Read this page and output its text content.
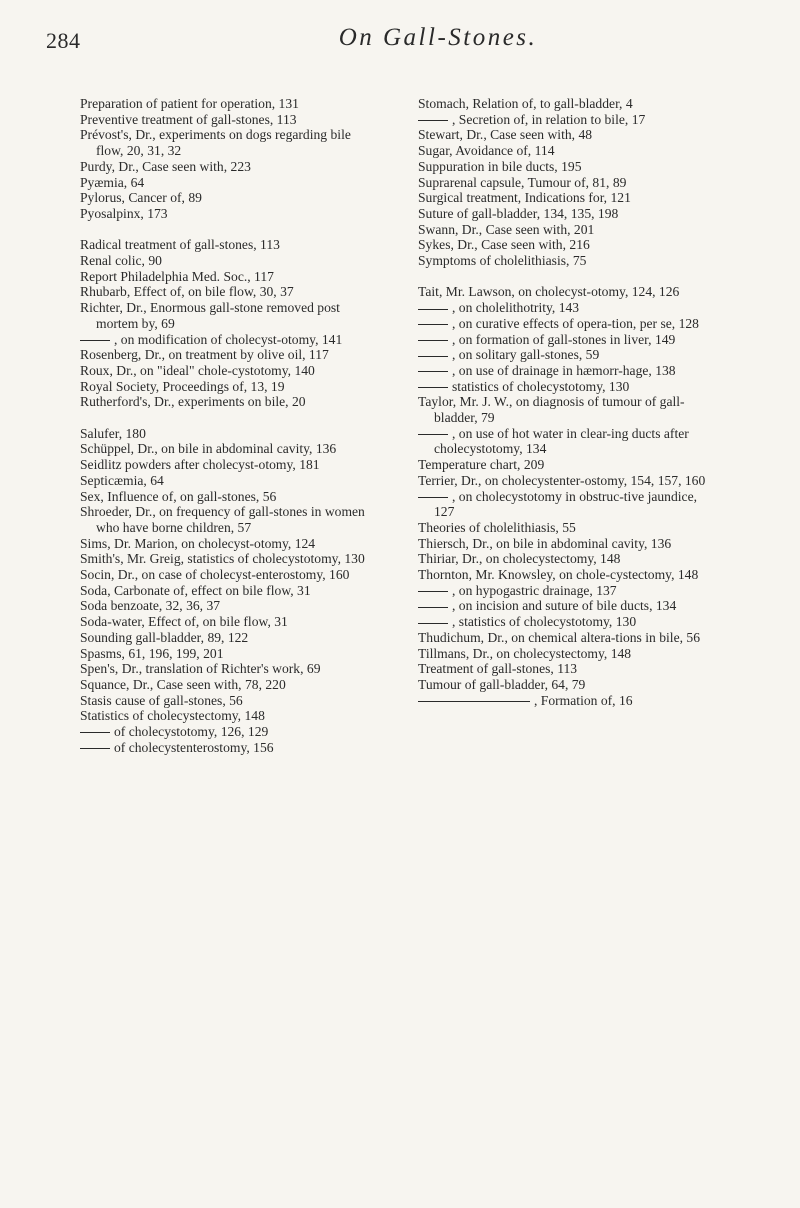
284	On Gall-Stones.

Preparation of patient for operation, 131

Preventive treatment of gall-stones, 113

Prévost's, Dr., experiments on dogs regarding bile flow, 20, 31, 32

Purdy, Dr., Case seen with, 223

Pyæmia, 64

Pylorus, Cancer of, 89

Pyosalpinx, 173

Radical treatment of gall-stones, 113

Renal colic, 90

Report Philadelphia Med. Soc., 117

Rhubarb, Effect of, on bile flow, 30, 37

Richter, Dr., Enormous gall-stone removed post mortem by, 69

, on modification of cholecyst-otomy, 141

Rosenberg, Dr., on treatment by olive oil, 117

Roux, Dr., on "ideal" chole-cystotomy, 140

Royal Society, Proceedings of, 13, 19

Rutherford's, Dr., experiments on bile, 20

Salufer, 180

Schüppel, Dr., on bile in abdominal cavity, 136

Seidlitz powders after cholecyst-otomy, 181

Septicæmia, 64

Sex, Influence of, on gall-stones, 56

Shroeder, Dr., on frequency of gall-stones in women who have borne children, 57

Sims, Dr. Marion, on cholecyst-otomy, 124

Smith's, Mr. Greig, statistics of cholecystotomy, 130

Socin, Dr., on case of cholecyst-enterostomy, 160

Soda, Carbonate of, effect on bile flow, 31

Soda benzoate, 32, 36, 37

Soda-water, Effect of, on bile flow, 31

Sounding gall-bladder, 89, 122

Spasms, 61, 196, 199, 201

Spen's, Dr., translation of Richter's work, 69

Squance, Dr., Case seen with, 78, 220

Stasis cause of gall-stones, 56

Statistics of cholecystectomy, 148

of cholecystotomy, 126, 129

of cholecystenterostomy, 156

Stomach, Relation of, to gall-bladder, 4

, Secretion of, in relation to bile, 17

Stewart, Dr., Case seen with, 48

Sugar, Avoidance of, 114

Suppuration in bile ducts, 195

Suprarenal capsule, Tumour of, 81, 89

Surgical treatment, Indications for, 121

Suture of gall-bladder, 134, 135, 198

Swann, Dr., Case seen with, 201

Sykes, Dr., Case seen with, 216

Symptoms of cholelithiasis, 75

Tait, Mr. Lawson, on cholecyst-otomy, 124, 126

, on cholelithotrity, 143

, on curative effects of opera-tion, per se, 128

, on formation of gall-stones in liver, 149

, on solitary gall-stones, 59

, on use of drainage in hæmorr-hage, 138

statistics of cholecystotomy, 130

Taylor, Mr. J. W., on diagnosis of tumour of gall-bladder, 79

, on use of hot water in clear-ing ducts after cholecystotomy, 134

Temperature chart, 209

Terrier, Dr., on cholecystenter-ostomy, 154, 157, 160

, on cholecystotomy in obstruc-tive jaundice, 127

Theories of cholelithiasis, 55

Thiersch, Dr., on bile in abdominal cavity, 136

Thiriar, Dr., on cholecystectomy, 148

Thornton, Mr. Knowsley, on chole-cystectomy, 148

, on hypogastric drainage, 137

, on incision and suture of bile ducts, 134

, statistics of cholecystotomy, 130

Thudichum, Dr., on chemical altera-tions in bile, 56

Tillmans, Dr., on cholecystectomy, 148

Treatment of gall-stones, 113

Tumour of gall-bladder, 64, 79

, Formation of, 16
